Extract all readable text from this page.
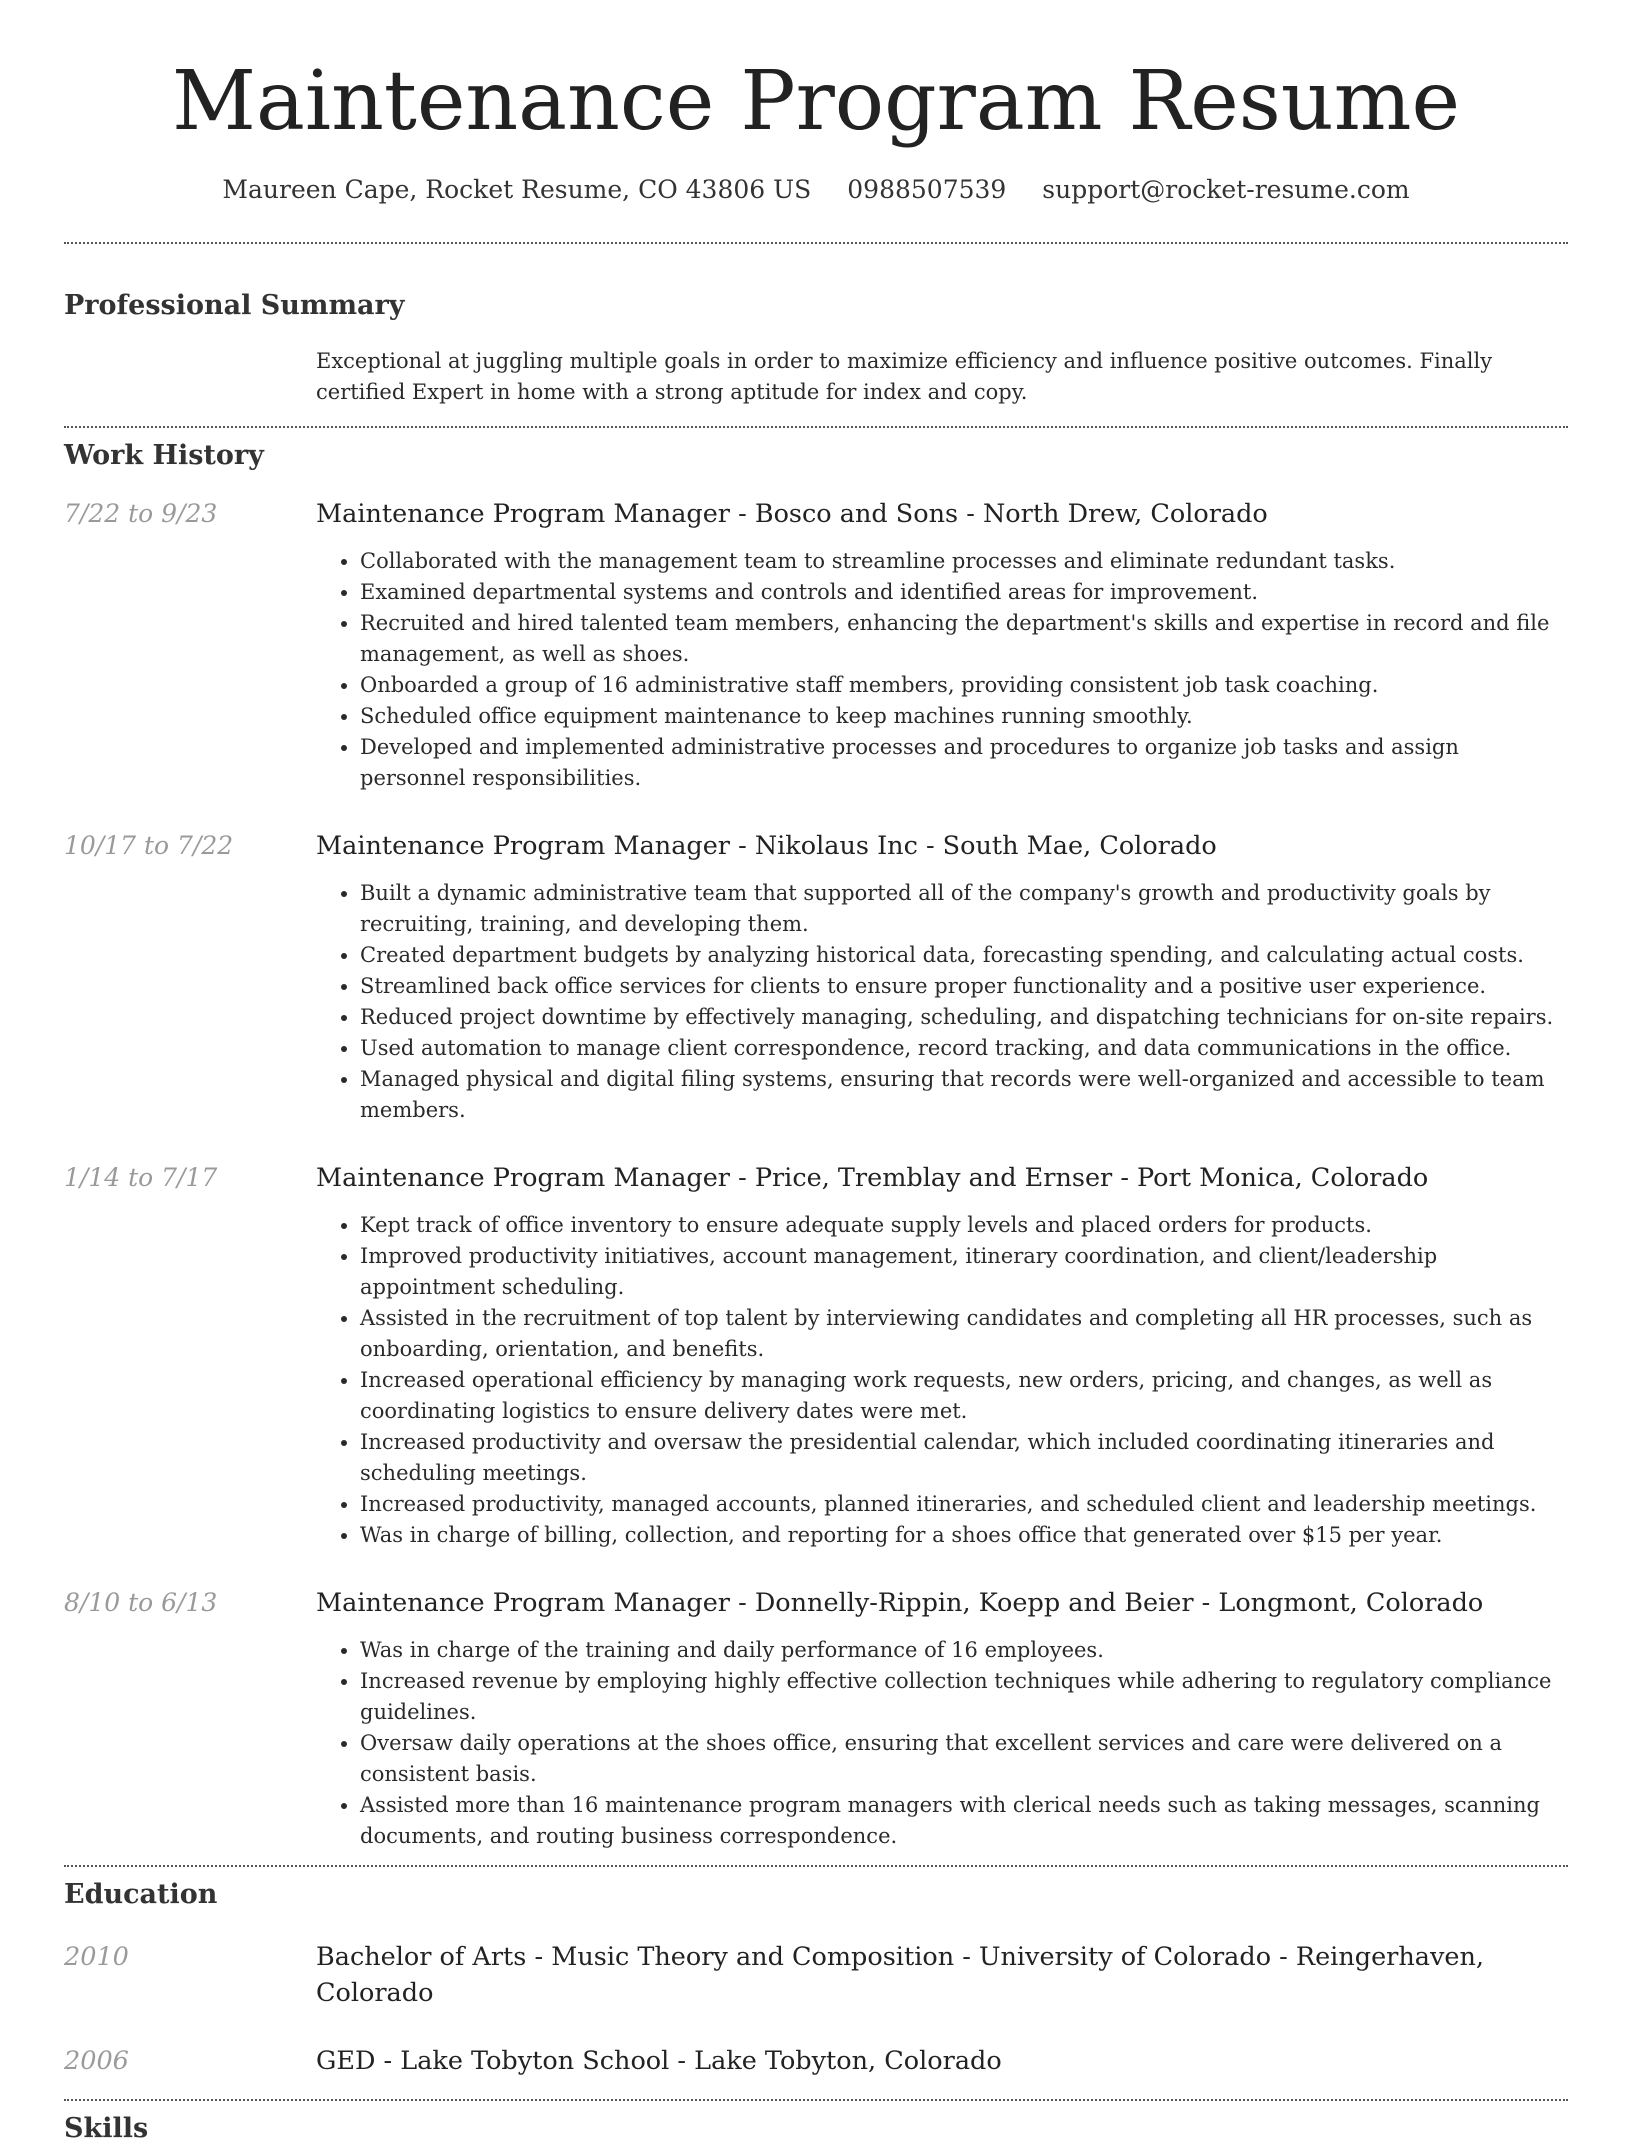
Maintenance Program Resume
Maureen Cape, Rocket Resume, CO 43806 US 0988507539 support@rocket-resume.com
Professional Summary

Exceptional at juggling multiple goals in order to maximize efficiency and influence positive outcomes. Finally certified Expert in home with a strong aptitude for index and copy.

Work History
7/22 to 9/23	Maintenance Program Manager - Bosco and Sons - North Drew, Colorado
• Collaborated with the management team to streamline processes and eliminate redundant tasks.
• Examined departmental systems and controls and identified areas for improvement.
• Recruited and hired talented team members, enhancing the department's skills and expertise in record and file management, as well as shoes.
• Onboarded a group of 16 administrative staff members, providing consistent job task coaching.
• Scheduled office equipment maintenance to keep machines running smoothly.
• Developed and implemented administrative processes and procedures to organize job tasks and assign personnel responsibilities.
10/17 to 7/22	Maintenance Program Manager - Nikolaus Inc - South Mae, Colorado
• Built a dynamic administrative team that supported all of the company's growth and productivity goals by recruiting, training, and developing them.
• Created department budgets by analyzing historical data, forecasting spending, and calculating actual costs.
• Streamlined back office services for clients to ensure proper functionality and a positive user experience.
• Reduced project downtime by effectively managing, scheduling, and dispatching technicians for on-site repairs.
• Used automation to manage client correspondence, record tracking, and data communications in the office.
• Managed physical and digital filing systems, ensuring that records were well-organized and accessible to team members.
1/14 to 7/17	Maintenance Program Manager - Price, Tremblay and Ernser - Port Monica, Colorado
• Kept track of office inventory to ensure adequate supply levels and placed orders for products.
• Improved productivity initiatives, account management, itinerary coordination, and client/leadership appointment scheduling.
• Assisted in the recruitment of top talent by interviewing candidates and completing all HR processes, such as onboarding, orientation, and benefits.
• Increased operational efficiency by managing work requests, new orders, pricing, and changes, as well as coordinating logistics to ensure delivery dates were met.
• Increased productivity and oversaw the presidential calendar, which included coordinating itineraries and scheduling meetings.
• Increased productivity, managed accounts, planned itineraries, and scheduled client and leadership meetings.
• Was in charge of billing, collection, and reporting for a shoes office that generated over $15 per year.
8/10 to 6/13	Maintenance Program Manager - Donnelly-Rippin, Koepp and Beier - Longmont, Colorado
• Was in charge of the training and daily performance of 16 employees.
• Increased revenue by employing highly effective collection techniques while adhering to regulatory compliance guidelines.
• Oversaw daily operations at the shoes office, ensuring that excellent services and care were delivered on a consistent basis.
• Assisted more than 16 maintenance program managers with clerical needs such as taking messages, scanning documents, and routing business correspondence.
Education
2010	Bachelor of Arts - Music Theory and Composition - University of Colorado - Reingerhaven, Colorado
2006	GED - Lake Tobyton School - Lake Tobyton, Colorado
Skills
